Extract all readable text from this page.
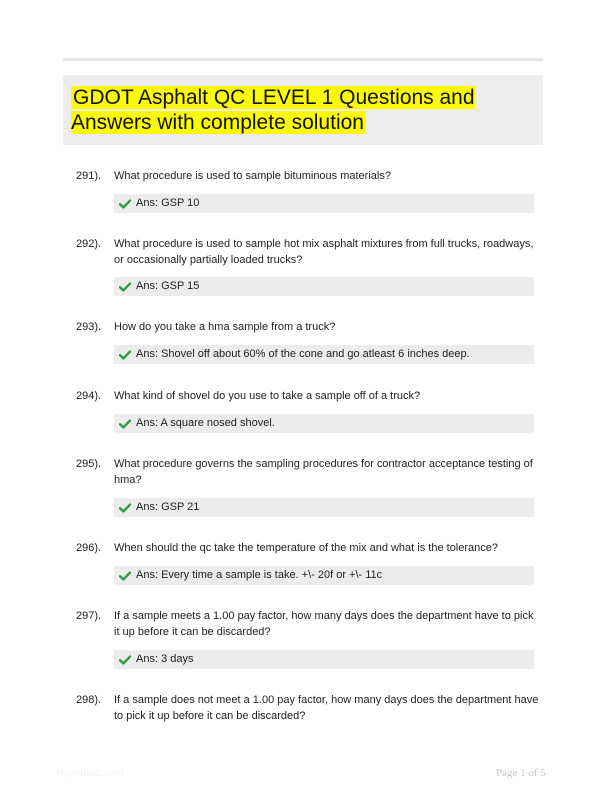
GDOT Asphalt QC LEVEL 1 Questions and Answers with complete solution
291). What procedure is used to sample bituminous materials?
Ans: GSP 10
292). What procedure is used to sample hot mix asphalt mixtures from full trucks, roadways, or occasionally partially loaded trucks?
Ans: GSP 15
293). How do you take a hma sample from a truck?
Ans: Shovel off about 60% of the cone and go atleast 6 inches deep.
294). What kind of shovel do you use to take a sample off of a truck?
Ans: A square nosed shovel.
295). What procedure governs the sampling procedures for contractor acceptance testing of hma?
Ans: GSP 21
296). When should the qc take the temperature of the mix and what is the tolerance?
Ans: Every time a sample is take. +\- 20f or +\- 11c
297). If a sample meets a 1.00 pay factor, how many days does the department have to pick it up before it can be discarded?
Ans: 3 days
298). If a sample does not meet a 1.00 pay factor, how many days does the department have to pick it up before it can be discarded?
Paperbbic.com	Page 1 of 5
